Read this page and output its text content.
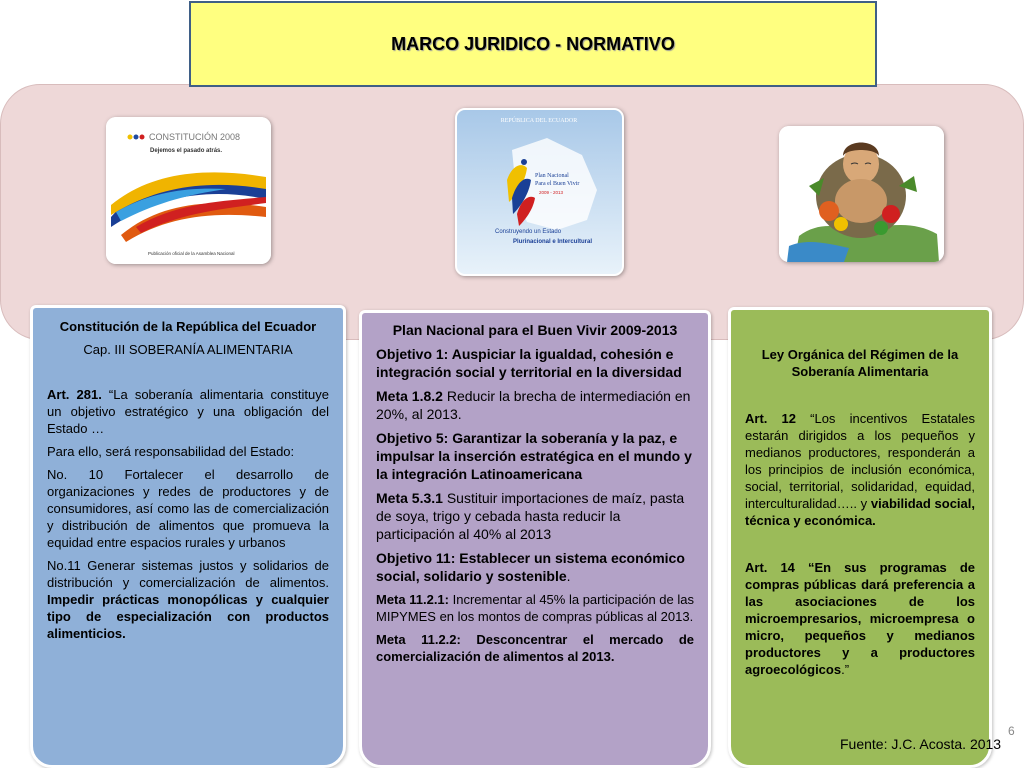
MARCO JURIDICO - NORMATIVO
CONSTITUCIÓN 2008
Dejemos el pasado atrás.
Publicación oficial de la Asamblea Nacional
REPÚBLICA DEL ECUADOR
Plan Nacional
Para el Buen Vivir
2009 - 2013
Construyendo un Estado
Plurinacional e Intercultural

Constitución de la República del Ecuador

Cap. III SOBERANÍA ALIMENTARIA

Art. 281. “La soberanía alimentaria constituye un objetivo estratégico y una obligación del Estado …

Para ello, será responsabilidad del Estado:

No. 10 Fortalecer el desarrollo de organizaciones y redes de productores y de consumidores, así como las de comercialización y distribución de alimentos que promueva la equidad entre espacios rurales y urbanos

No.11 Generar sistemas justos y solidarios de distribución y comercialización de alimentos. Impedir prácticas monopólicas y cualquier tipo de especialización con productos alimenticios.

Plan Nacional para el Buen Vivir 2009-2013

Objetivo 1: Auspiciar la igualdad, cohesión e integración social y territorial en la diversidad

Meta 1.8.2 Reducir la brecha de intermediación en 20%, al 2013.

Objetivo 5: Garantizar la soberanía y la paz, e impulsar la inserción estratégica en el mundo y la integración Latinoamericana

Meta 5.3.1 Sustituir importaciones de maíz, pasta de soya, trigo y cebada hasta reducir la participación al 40% al 2013

Objetivo 11: Establecer un sistema económico social, solidario y sostenible.

Meta 11.2.1: Incrementar al 45% la participación de las MIPYMES en los montos de compras públicas al 2013.

Meta 11.2.2: Desconcentrar el mercado de comercialización de alimentos al 2013.

Ley Orgánica del Régimen de la Soberanía Alimentaria

Art. 12 “Los incentivos Estatales estarán dirigidos a los pequeños y medianos productores, responderán a los principios de inclusión económica, social, territorial, solidaridad, equidad, interculturalidad….. y viabilidad social, técnica y económica.

Art. 14 “En sus programas de compras públicas dará preferencia a las asociaciones de los microempresarios, microempresa o micro, pequeños y medianos productores y a productores agroecológicos.”

6
Fuente: J.C. Acosta. 2013
